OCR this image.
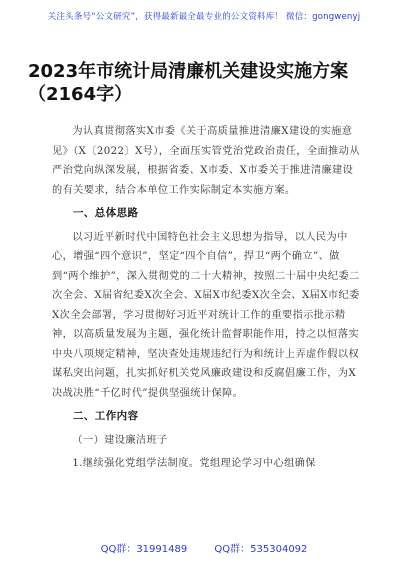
关注头条号“公文研究”，获得最新最全最专业的公文资料库！ 微信：gongwenyj
2023年市统计局清廉机关建设实施方案（2164字）

为认真贯彻落实X市委《关于高质量推进清廉X建设的实施意见》（X〔2022〕X号），全面压实管党治党政治责任，全面推动从严治党向纵深发展，根据省委、X市委、X市委关于推进清廉建设的有关要求，结合本单位工作实际制定本实施方案。

一、总体思路

以习近平新时代中国特色社会主义思想为指导，以人民为中心，增强“四个意识”，坚定“四个自信”，捍卫“两个确立”、做到“两个维护”，深入贯彻党的二十大精神，按照二十届中央纪委二次全会、X届省纪委X次全会、X届X市纪委X次全会、X届X市纪委X次全会部署，学习贯彻好习近平对统计工作的重要指示批示精神，以高质量发展为主题，强化统计监督职能作用，持之以恒落实中央八项规定精神，坚决查处违规违纪行为和统计上弄虚作假以权谋私突出问题，扎实抓好机关党风廉政建设和反腐倡廉工作，为X决战决胜“千亿时代”提供坚强统计保障。

二、工作内容

（一）建设廉洁班子

1.继续强化党组学法制度。党组理论学习中心组确保

QQ群：31991489	QQ群：535304092
